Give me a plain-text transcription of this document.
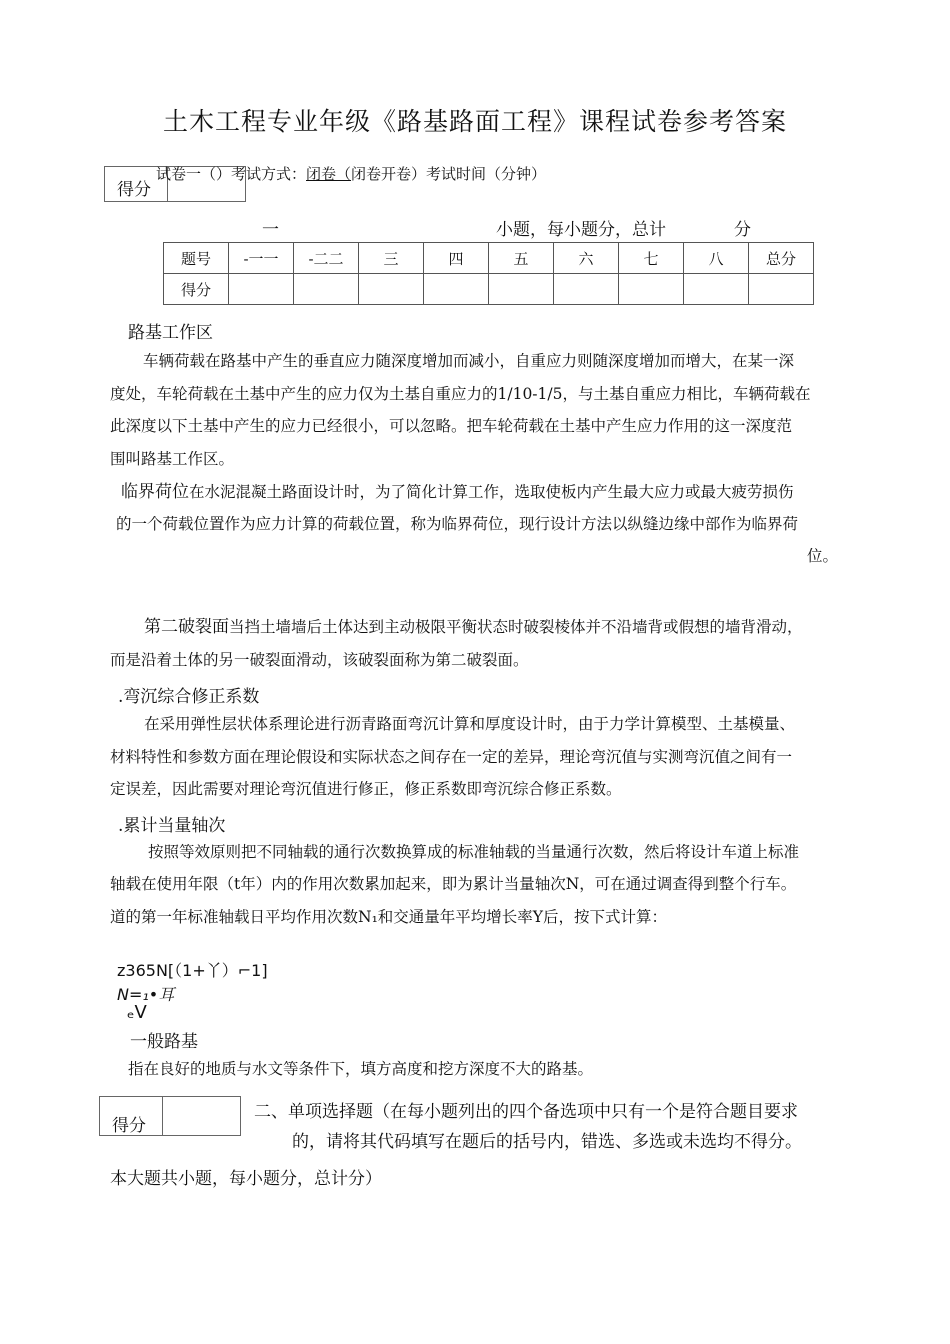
土木工程专业年级《路基路面工程》课程试卷参考答案
得分
试卷一（）考试方式：闭卷（闭卷开卷）考试时间（分钟）
一	小题，每小题分，总计	分
题号	-一一	-二二	三	四	五	六	七	八	总分
得分									
路基工作区
车辆荷载在路基中产生的垂直应力随深度增加而减小，自重应力则随深度增加而增大，在某一深
度处，车轮荷载在土基中产生的应力仅为土基自重应力的1/10-1/5，与土基自重应力相比，车辆荷载在
此深度以下土基中产生的应力已经很小，可以忽略。把车轮荷载在土基中产生应力作用的这一深度范
围叫路基工作区。
临界荷位在水泥混凝土路面设计时，为了简化计算工作，选取使板内产生最大应力或最大疲劳损伤
的一个荷载位置作为应力计算的荷载位置，称为临界荷位，现行设计方法以纵缝边缘中部作为临界荷
位。
第二破裂面当挡土墙墙后土体达到主动极限平衡状态时破裂棱体并不沿墙背或假想的墙背滑动，
而是沿着土体的另一破裂面滑动，该破裂面称为第二破裂面。
.弯沉综合修正系数
在采用弹性层状体系理论进行沥青路面弯沉计算和厚度设计时，由于力学计算模型、土基模量、
材料特性和参数方面在理论假设和实际状态之间存在一定的差异，理论弯沉值与实测弯沉值之间有一
定误差，因此需要对理论弯沉值进行修正，修正系数即弯沉综合修正系数。
.累计当量轴次
按照等效原则把不同轴载的通行次数换算成的标准轴载的当量通行次数，然后将设计车道上标准
轴载在使用年限（t年）内的作用次数累加起来，即为累计当量轴次N，可在通过调查得到整个行车。
道的第一年标准轴载日平均作用次数N₁和交通量年平均增长率Y后，按下式计算：
z365N[（1+丫）⌐1]
N=₁•耳
ₑV
一般路基
指在良好的地质与水文等条件下，填方高度和挖方深度不大的路基。
得分
二、单项选择题（在每小题列出的四个备选项中只有一个是符合题目要求
的，请将其代码填写在题后的括号内，错选、多选或未选均不得分。
本大题共小题，每小题分，总计分）
